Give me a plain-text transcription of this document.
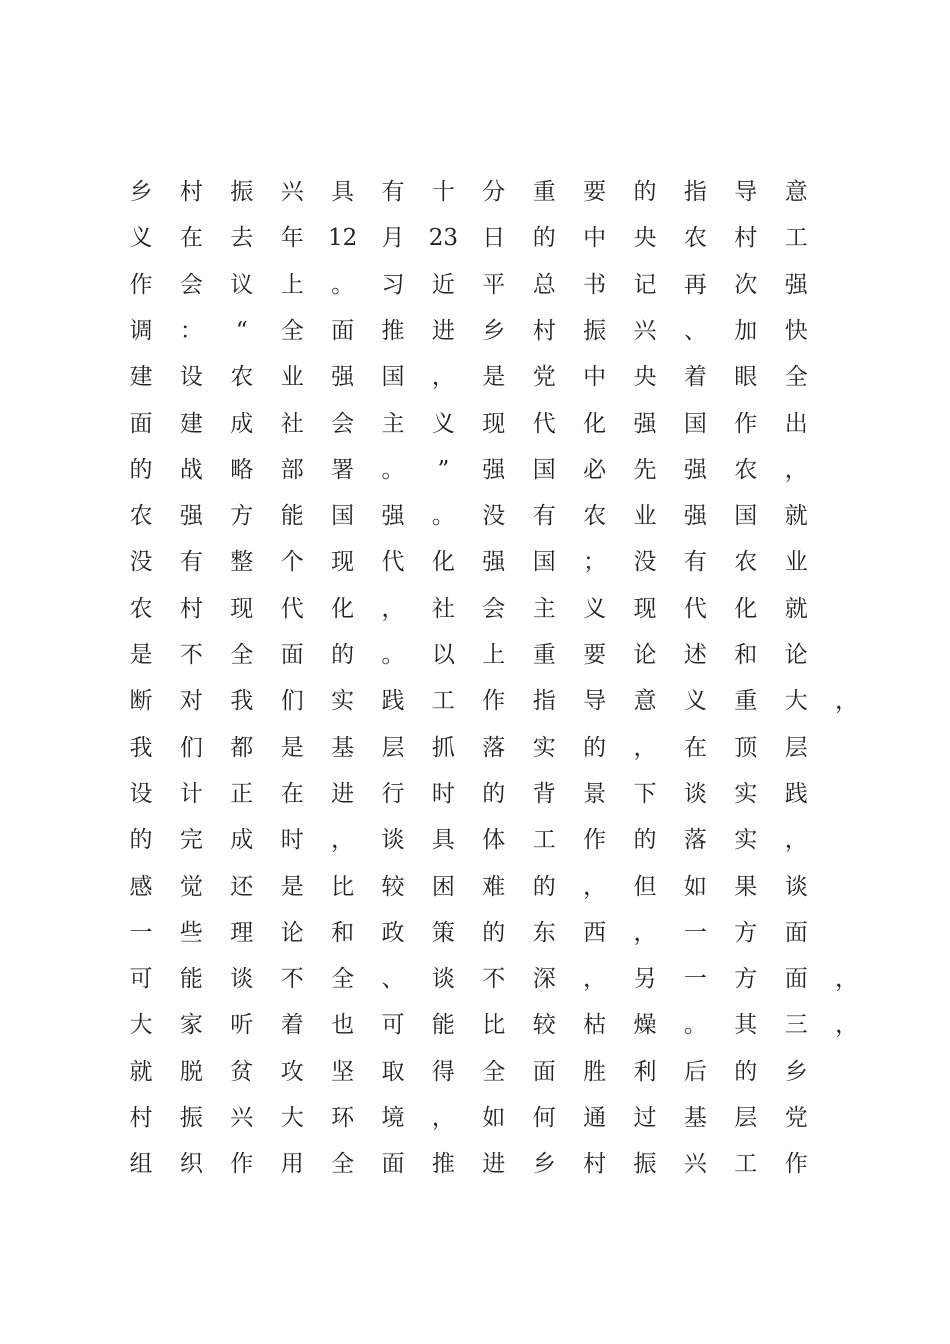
乡	村	振	兴	具	有	十	分	重	要	的	指	导	意
义	在	去	年	12	月	23	日	的	中	央	农	村	工
作	会	议	上	。	习	近	平	总	书	记	再	次	强
调	：	“	全	面	推	进	乡	村	振	兴	、	加	快
建	设	农	业	强	国	，	是	党	中	央	着	眼	全
面	建	成	社	会	主	义	现	代	化	强	国	作	出
的	战	略	部	署	。	”	强	国	必	先	强	农	，
农	强	方	能	国	强	。	没	有	农	业	强	国	就
没	有	整	个	现	代	化	强	国	；	没	有	农	业
农	村	现	代	化	，	社	会	主	义	现	代	化	就
是	不	全	面	的	。	以	上	重	要	论	述	和	论
断	对	我	们	实	践	工	作	指	导	意	义	重	大	，
我	们	都	是	基	层	抓	落	实	的	，	在	顶	层
设	计	正	在	进	行	时	的	背	景	下	谈	实	践
的	完	成	时	，	谈	具	体	工	作	的	落	实	，
感	觉	还	是	比	较	困	难	的	，	但	如	果	谈
一	些	理	论	和	政	策	的	东	西	，	一	方	面
可	能	谈	不	全	、	谈	不	深	，	另	一	方	面	，
大	家	听	着	也	可	能	比	较	枯	燥	。	其	三	，
就	脱	贫	攻	坚	取	得	全	面	胜	利	后	的	乡
村	振	兴	大	环	境	，	如	何	通	过	基	层	党
组	织	作	用	全	面	推	进	乡	村	振	兴	工	作
